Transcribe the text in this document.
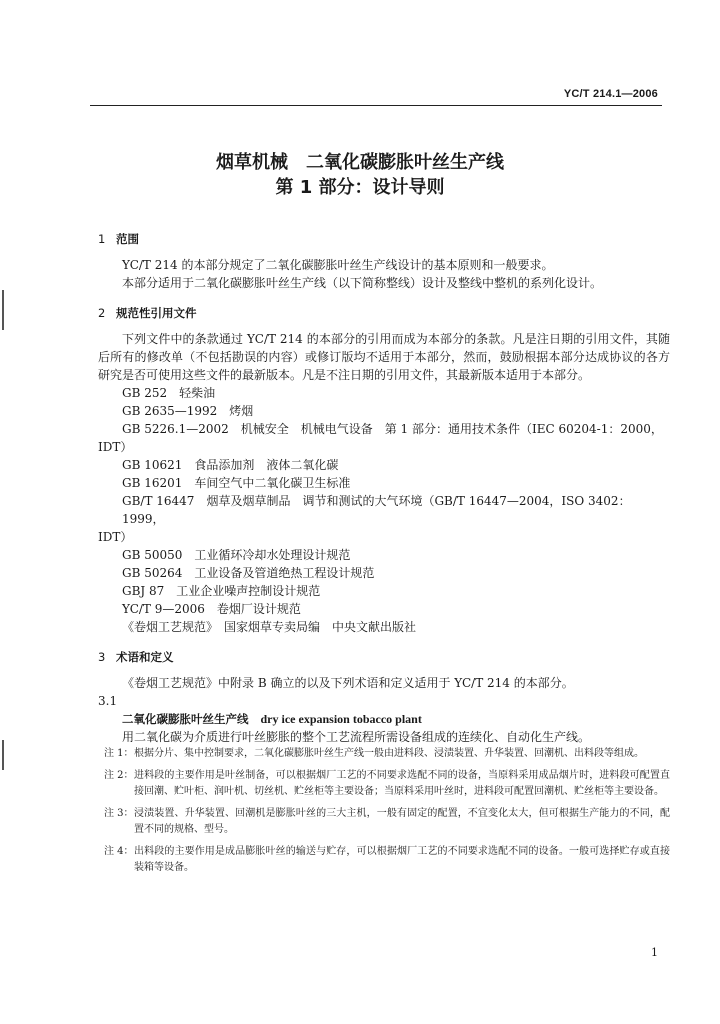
YC/T 214.1—2006
烟草机械　二氧化碳膨胀叶丝生产线
第 1 部分：设计导则

1 范围

YC/T 214 的本部分规定了二氧化碳膨胀叶丝生产线设计的基本原则和一般要求。

本部分适用于二氧化碳膨胀叶丝生产线（以下简称整线）设计及整线中整机的系列化设计。

2 规范性引用文件

下列文件中的条款通过 YC/T 214 的本部分的引用而成为本部分的条款。凡是注日期的引用文件，其随后所有的修改单（不包括勘误的内容）或修订版均不适用于本部分，然而，鼓励根据本部分达成协议的各方研究是否可使用这些文件的最新版本。凡是不注日期的引用文件，其最新版本适用于本部分。

GB 252　轻柴油

GB 2635—1992　烤烟

GB 5226.1—2002　机械安全　机械电气设备　第 1 部分：通用技术条件（IEC 60204-1：2000，

IDT）

GB 10621　食品添加剂　液体二氧化碳

GB 16201　车间空气中二氧化碳卫生标准

GB/T 16447　烟草及烟草制品　调节和测试的大气环境（GB/T 16447—2004，ISO 3402：1999，

IDT）

GB 50050　工业循环冷却水处理设计规范

GB 50264　工业设备及管道绝热工程设计规范

GBJ 87　工业企业噪声控制设计规范

YC/T 9—2006　卷烟厂设计规范

《卷烟工艺规范》　国家烟草专卖局编　中央文献出版社

3 术语和定义

《卷烟工艺规范》中附录 B 确立的以及下列术语和定义适用于 YC/T 214 的本部分。

3.1

二氧化碳膨胀叶丝生产线 dry ice expansion tobacco plant

用二氧化碳为介质进行叶丝膨胀的整个工艺流程所需设备组成的连续化、自动化生产线。

注 1： 根据分片、集中控制要求，二氧化碳膨胀叶丝生产线一般由进料段、浸渍装置、升华装置、回潮机、出料段等组成。
注 2： 进料段的主要作用是叶丝制备，可以根据烟厂工艺的不同要求选配不同的设备，当原料采用成品烟片时，进料段可配置直接回潮、贮叶柜、润叶机、切丝机、贮丝柜等主要设备；当原料采用叶丝时，进料段可配置回潮机、贮丝柜等主要设备。
注 3： 浸渍装置、升华装置、回潮机是膨胀叶丝的三大主机，一般有固定的配置，不宜变化太大，但可根据生产能力的不同，配置不同的规格、型号。
注 4： 出料段的主要作用是成品膨胀叶丝的输送与贮存，可以根据烟厂工艺的不同要求选配不同的设备。一般可选择贮存或直接装箱等设备。
1
